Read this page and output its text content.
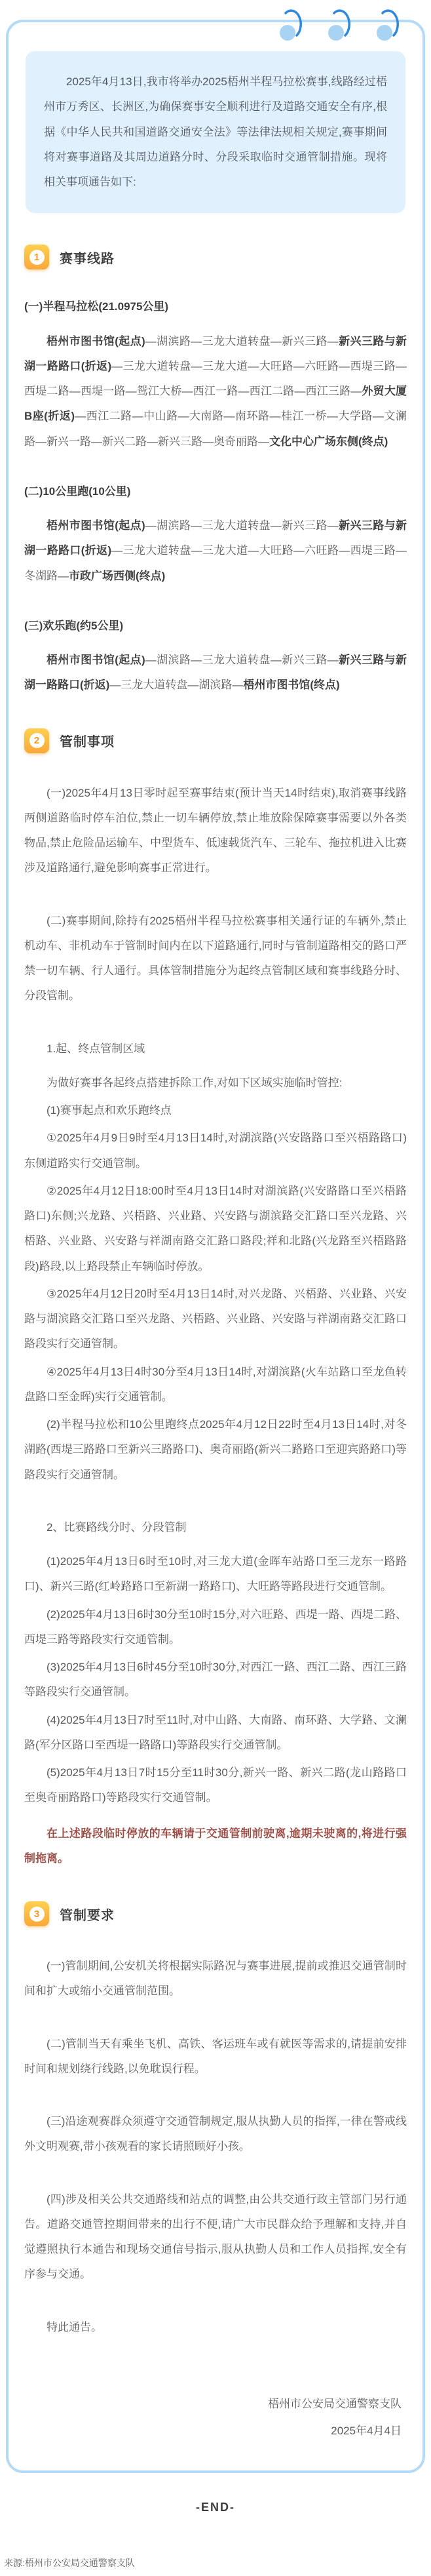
2025年4月13日,我市将举办2025梧州半程马拉松赛事,线路经过梧州市万秀区、长洲区,为确保赛事安全顺利进行及道路交通安全有序,根据《中华人民共和国道路交通安全法》等法律法规相关规定,赛事期间将对赛事道路及其周边道路分时、分段采取临时交通管制措施。现将相关事项通告如下:
1	赛事线路

(一)半程马拉松(21.0975公里)

梧州市图书馆(起点)—湖滨路—三龙大道转盘—新兴三路—新兴三路与新湖一路路口(折返)—三龙大道转盘—三龙大道—大旺路—六旺路—西堤三路—西堤二路—西堤一路—鸳江大桥—西江一路—西江二路—西江三路—外贸大厦B座(折返)—西江二路—中山路—大南路—南环路—桂江一桥—大学路—文澜路—新兴一路—新兴二路—新兴三路—奥奇丽路—文化中心广场东侧(终点)

(二)10公里跑(10公里)

梧州市图书馆(起点)—湖滨路—三龙大道转盘—新兴三路—新兴三路与新湖一路路口(折返)—三龙大道转盘—三龙大道—大旺路—六旺路—西堤三路—冬湖路—市政广场西侧(终点)

(三)欢乐跑(约5公里)

梧州市图书馆(起点)—湖滨路—三龙大道转盘—新兴三路—新兴三路与新湖一路路口(折返)—三龙大道转盘—湖滨路—梧州市图书馆(终点)

2	管制事项

(一)2025年4月13日零时起至赛事结束(预计当天14时结束),取消赛事线路两侧道路临时停车泊位,禁止一切车辆停放,禁止堆放除保障赛事需要以外各类物品,禁止危险品运输车、中型货车、低速载货汽车、三轮车、拖拉机进入比赛涉及道路通行,避免影响赛事正常进行。

(二)赛事期间,除持有2025梧州半程马拉松赛事相关通行证的车辆外,禁止机动车、非机动车于管制时间内在以下道路通行,同时与管制道路相交的路口严禁一切车辆、行人通行。具体管制措施分为起终点管制区域和赛事线路分时、分段管制。

1.起、终点管制区域

为做好赛事各起终点搭建拆除工作,对如下区域实施临时管控:

(1)赛事起点和欢乐跑终点

①2025年4月9日9时至4月13日14时,对湖滨路(兴安路路口至兴梧路路口)东侧道路实行交通管制。

②2025年4月12日18:00时至4月13日14时对湖滨路(兴安路路口至兴梧路路口)东侧;兴龙路、兴梧路、兴业路、兴安路与湖滨路交汇路口至兴龙路、兴梧路、兴业路、兴安路与祥湖南路交汇路口路段;祥和北路(兴龙路至兴梧路路段)路段,以上路段禁止车辆临时停放。

③2025年4月12日20时至4月13日14时,对兴龙路、兴梧路、兴业路、兴安路与湖滨路交汇路口至兴龙路、兴梧路、兴业路、兴安路与祥湖南路交汇路口路段实行交通管制。

④2025年4月13日4时30分至4月13日14时,对湖滨路(火车站路口至龙鱼转盘路口至金晖)实行交通管制。

(2)半程马拉松和10公里跑终点2025年4月12日22时至4月13日14时,对冬湖路(西堤三路路口至新兴三路路口)、奥奇丽路(新兴二路路口至迎宾路路口)等路段实行交通管制。

2、比赛路线分时、分段管制

(1)2025年4月13日6时至10时,对三龙大道(金晖车站路口至三龙东一路路口)、新兴三路(红岭路路口至新湖一路路口)、大旺路等路段进行交通管制。

(2)2025年4月13日6时30分至10时15分,对六旺路、西堤一路、西堤二路、西堤三路等路段实行交通管制。

(3)2025年4月13日6时45分至10时30分,对西江一路、西江二路、西江三路等路段实行交通管制。

(4)2025年4月13日7时至11时,对中山路、大南路、南环路、大学路、文澜路(军分区路口至西堤一路路口)等路段实行交通管制。

(5)2025年4月13日7时15分至11时30分,新兴一路、新兴二路(龙山路路口至奥奇丽路路口)等路段实行交通管制。

在上述路段临时停放的车辆请于交通管制前驶离,逾期未驶离的,将进行强制拖离。

3	管制要求

(一)管制期间,公安机关将根据实际路况与赛事进展,提前或推迟交通管制时间和扩大或缩小交通管制范围。

(二)管制当天有乘坐飞机、高铁、客运班车或有就医等需求的,请提前安排时间和规划绕行线路,以免耽误行程。

(三)沿途观赛群众须遵守交通管制规定,服从执勤人员的指挥,一律在警戒线外文明观赛,带小孩观看的家长请照顾好小孩。

(四)涉及相关公共交通路线和站点的调整,由公共交通行政主管部门另行通告。道路交通管控期间带来的出行不便,请广大市民群众给予理解和支持,并自觉遵照执行本通告和现场交通信号指示,服从执勤人员和工作人员指挥,安全有序参与交通。

特此通告。

梧州市公安局交通警察支队
2025年4月4日
-END-
来源:梧州市公安局交通警察支队
